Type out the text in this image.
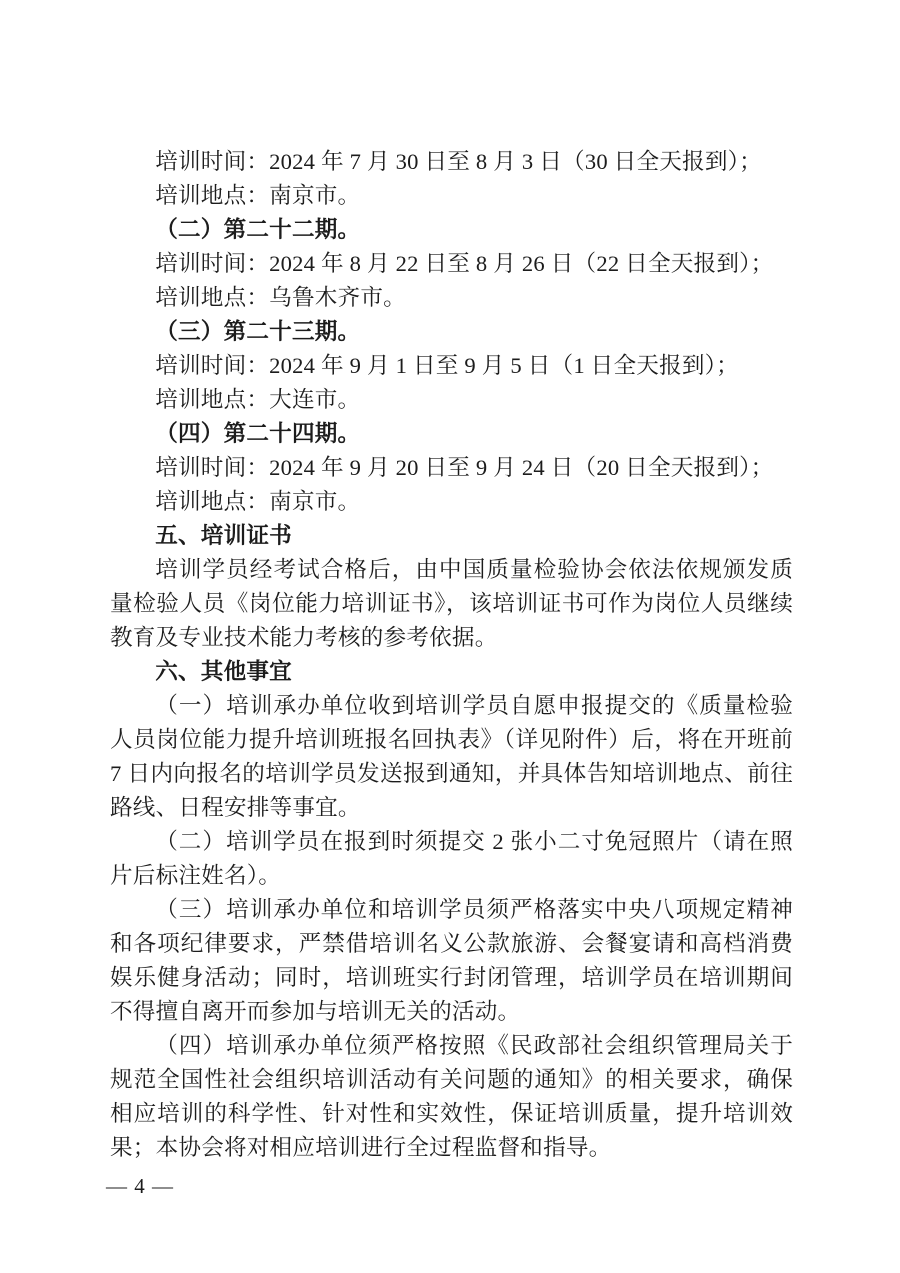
培训时间：2024 年 7 月 30 日至 8 月 3 日（30 日全天报到）；

培训地点：南京市。

（二）第二十二期。

培训时间：2024 年 8 月 22 日至 8 月 26 日（22 日全天报到）；

培训地点：乌鲁木齐市。

（三）第二十三期。

培训时间：2024 年 9 月 1 日至 9 月 5 日（1 日全天报到）；

培训地点：大连市。

（四）第二十四期。

培训时间：2024 年 9 月 20 日至 9 月 24 日（20 日全天报到）；

培训地点：南京市。

五、培训证书

培训学员经考试合格后，由中国质量检验协会依法依规颁发质量检验人员《岗位能力培训证书》，该培训证书可作为岗位人员继续教育及专业技术能力考核的参考依据。

六、其他事宜

（一）培训承办单位收到培训学员自愿申报提交的《质量检验人员岗位能力提升培训班报名回执表》（详见附件）后，将在开班前 7 日内向报名的培训学员发送报到通知，并具体告知培训地点、前往路线、日程安排等事宜。

（二）培训学员在报到时须提交 2 张小二寸免冠照片（请在照片后标注姓名）。

（三）培训承办单位和培训学员须严格落实中央八项规定精神和各项纪律要求，严禁借培训名义公款旅游、会餐宴请和高档消费娱乐健身活动；同时，培训班实行封闭管理，培训学员在培训期间不得擅自离开而参加与培训无关的活动。

（四）培训承办单位须严格按照《民政部社会组织管理局关于规范全国性社会组织培训活动有关问题的通知》的相关要求，确保相应培训的科学性、针对性和实效性，保证培训质量，提升培训效果；本协会将对相应培训进行全过程监督和指导。

— 4 —
